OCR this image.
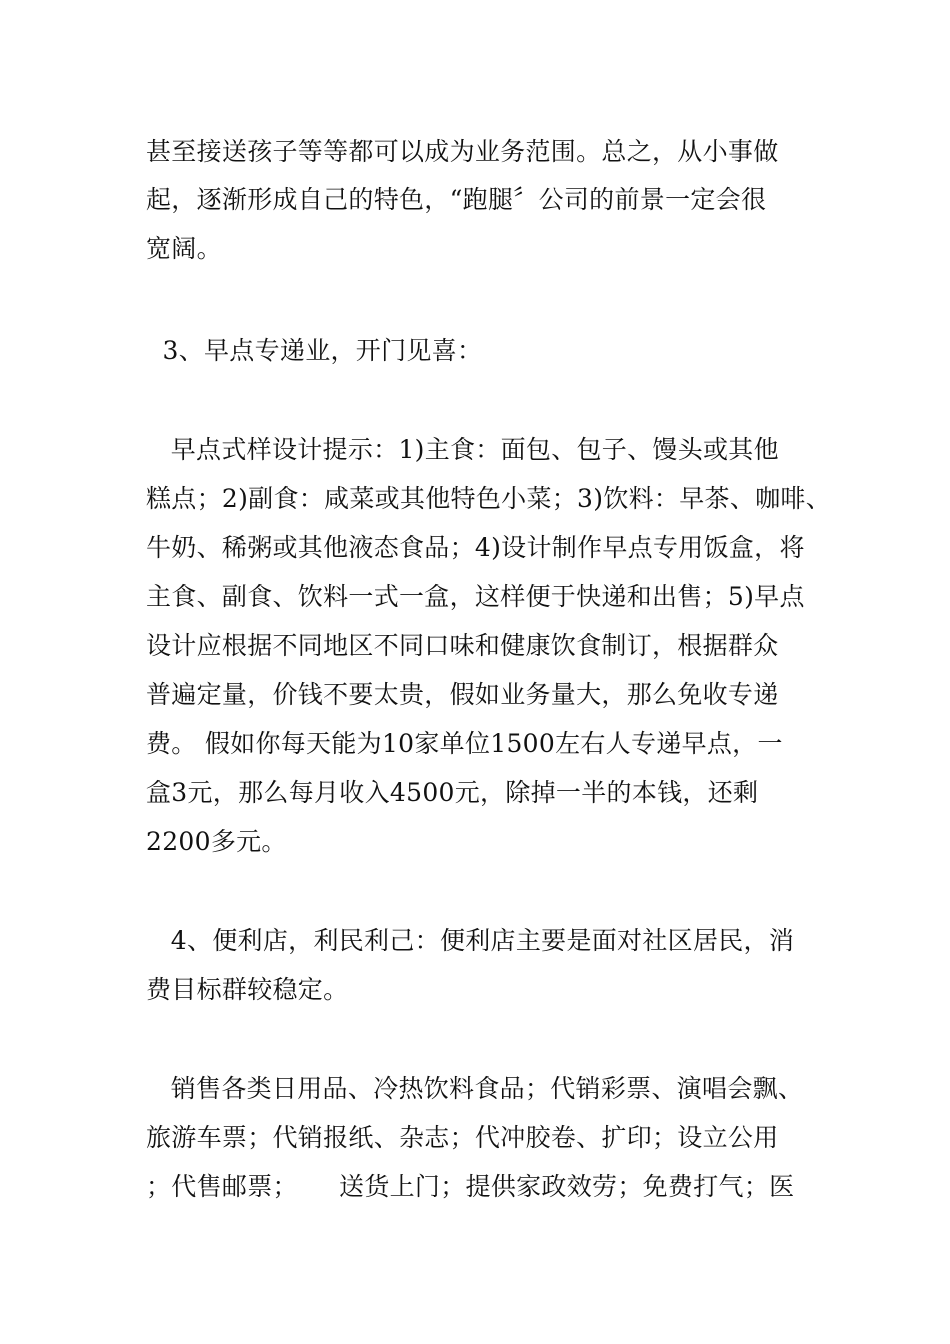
甚至接送孩子等等都可以成为业务范围。总之，从小事做
起，逐渐形成自己的特色，“跑腿〞公司的前景一定会很
宽阔。
3、早点专递业，开门见喜：
早点式样设计提示：1)主食：面包、包子、馒头或其他
糕点；2)副食：咸菜或其他特色小菜；3)饮料：早茶、咖啡、
牛奶、稀粥或其他液态食品；4)设计制作早点专用饭盒，将
主食、副食、饮料一式一盒，这样便于快递和出售；5)早点
设计应根据不同地区不同口味和健康饮食制订，根据群众
普遍定量，价钱不要太贵，假如业务量大，那么免收专递
费。 假如你每天能为10家单位1500左右人专递早点，一
盒3元，那么每月收入4500元，除掉一半的本钱，还剩
2200多元。
4、便利店，利民利己：便利店主要是面对社区居民，消
费目标群较稳定。
销售各类日用品、冷热饮料食品；代销彩票、演唱会飘、
旅游车票；代销报纸、杂志；代冲胶卷、扩印；设立公用
；代售邮票；     送货上门；提供家政效劳；免费打气；医
